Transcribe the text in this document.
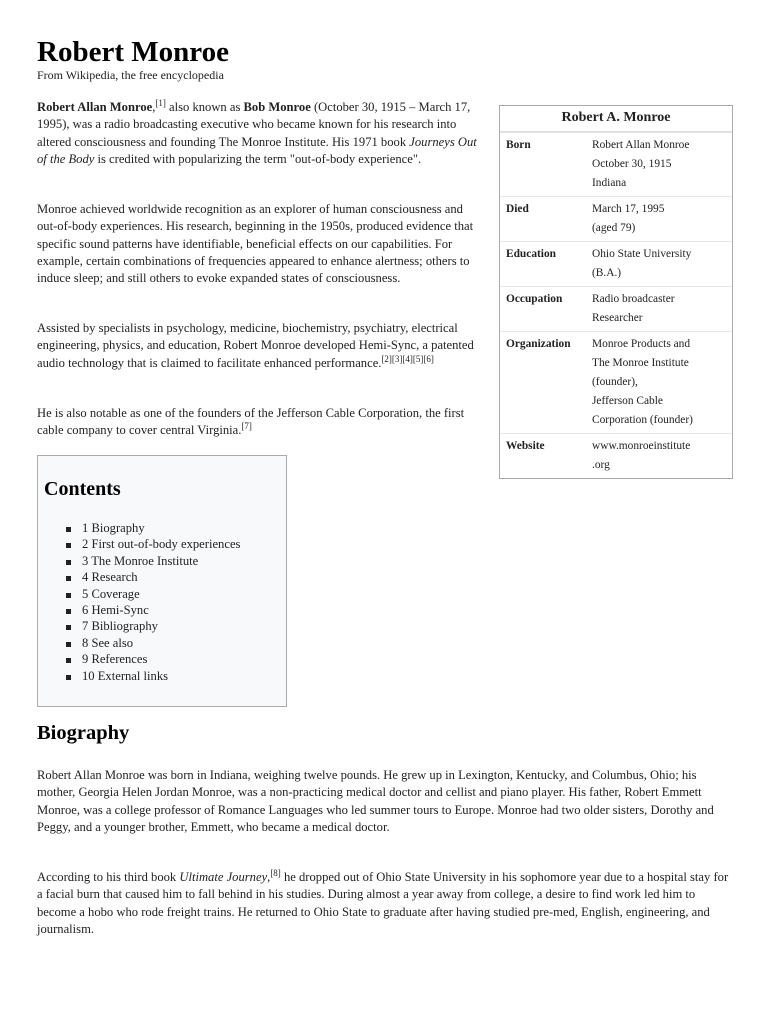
Robert Monroe
From Wikipedia, the free encyclopedia

Robert Allan Monroe,[1] also known as Bob Monroe (October 30, 1915 – March 17, 1995), was a radio broadcasting executive who became known for his research into altered consciousness and founding The Monroe Institute. His 1971 book Journeys Out of the Body is credited with popularizing the term "out-of-body experience".

Monroe achieved worldwide recognition as an explorer of human consciousness and out-of-body experiences. His research, beginning in the 1950s, produced evidence that specific sound patterns have identifiable, beneficial effects on our capabilities. For example, certain combinations of frequencies appeared to enhance alertness; others to induce sleep; and still others to evoke expanded states of consciousness.

Assisted by specialists in psychology, medicine, biochemistry, psychiatry, electrical engineering, physics, and education, Robert Monroe developed Hemi-Sync, a patented audio technology that is claimed to facilitate enhanced performance.[2][3][4][5][6]

He is also notable as one of the founders of the Jefferson Cable Corporation, the first cable company to cover central Virginia.[7]

Robert A. Monroe
Born	Robert Allan Monroe
October 30, 1915
Indiana
Died	March 17, 1995
(aged 79)
Education	Ohio State University
(B.A.)
Occupation	Radio broadcaster
Researcher
Organization	Monroe Products and
The Monroe Institute
(founder),
Jefferson Cable
Corporation (founder)
Website	www.monroeinstitute
.org
Contents
1 Biography
2 First out-of-body experiences
3 The Monroe Institute
4 Research
5 Coverage
6 Hemi-Sync
7 Bibliography
8 See also
9 References
10 External links
Biography

Robert Allan Monroe was born in Indiana, weighing twelve pounds. He grew up in Lexington, Kentucky, and Columbus, Ohio; his mother, Georgia Helen Jordan Monroe, was a non-practicing medical doctor and cellist and piano player. His father, Robert Emmett Monroe, was a college professor of Romance Languages who led summer tours to Europe. Monroe had two older sisters, Dorothy and Peggy, and a younger brother, Emmett, who became a medical doctor.

According to his third book Ultimate Journey,[8] he dropped out of Ohio State University in his sophomore year due to a hospital stay for a facial burn that caused him to fall behind in his studies. During almost a year away from college, a desire to find work led him to become a hobo who rode freight trains. He returned to Ohio State to graduate after having studied pre-med, English, engineering, and journalism.
